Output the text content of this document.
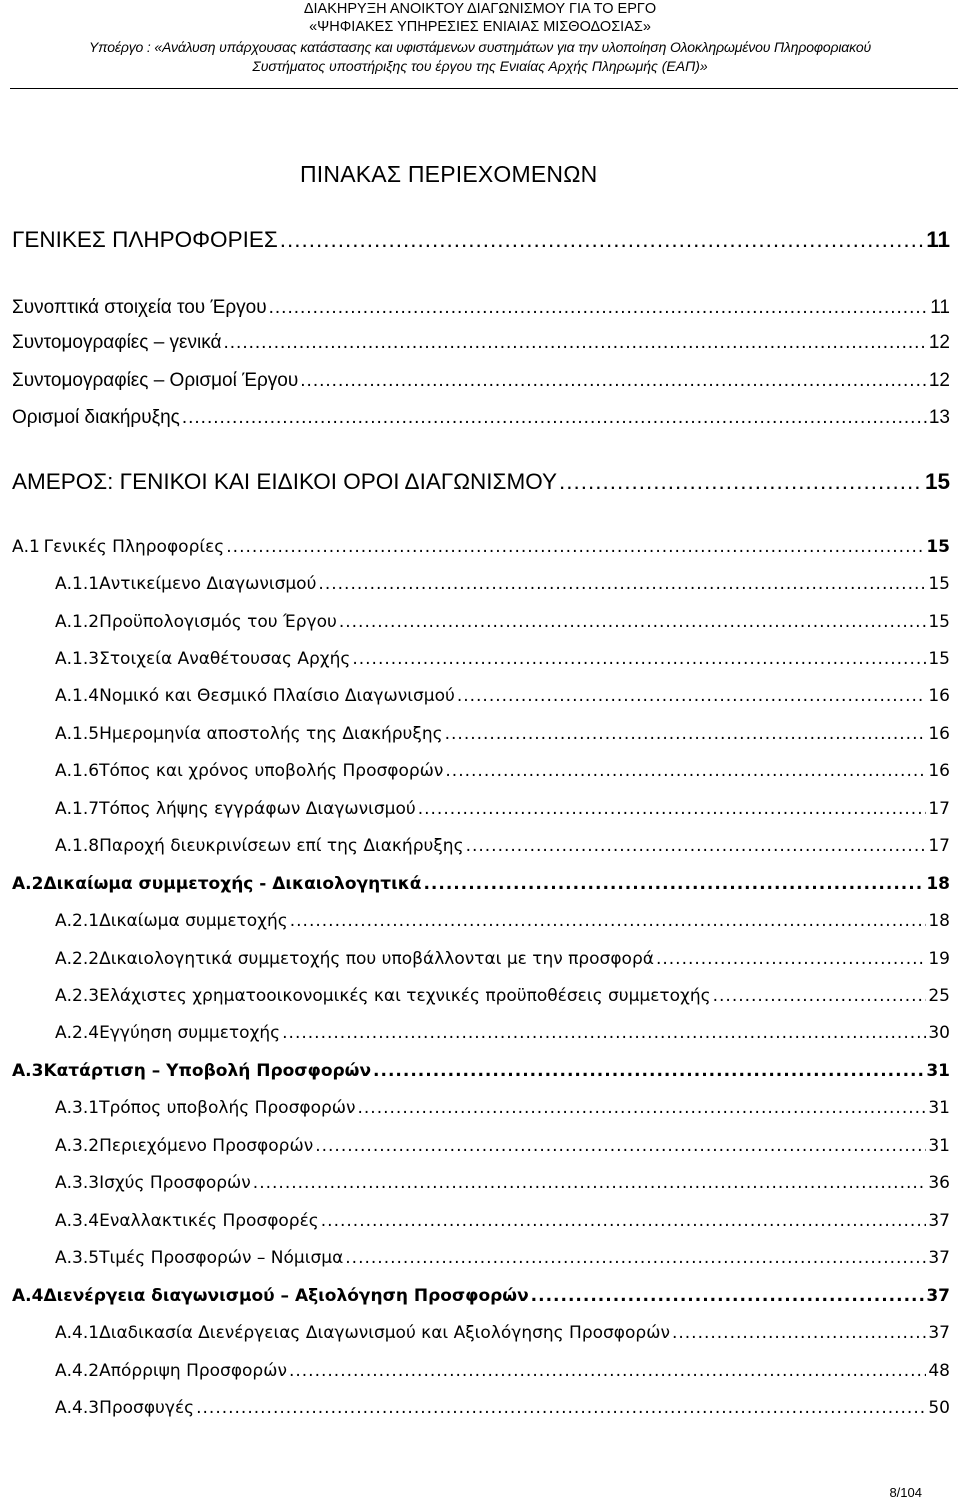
ΔΙΑΚΗΡΥΞΗ ΑΝΟΙΚΤΟΥ ΔΙΑΓΩΝΙΣΜΟΥ ΓΙΑ ΤΟ ΕΡΓΟ
«ΨΗΦΙΑΚΕΣ ΥΠΗΡΕΣΙΕΣ ΕΝΙΑΙΑΣ ΜΙΣΘΟΔΟΣΙΑΣ»
Υποέργο : «Ανάλυση υπάρχουσας κατάστασης και υφιστάμενων συστημάτων για την υλοποίηση Ολοκληρωμένου Πληροφοριακού
Συστήματος υποστήριξης του έργου της Ενιαίας Αρχής Πληρωμής (ΕΑΠ)»
ΠΙΝΑΚΑΣ ΠΕΡΙΕΧΟΜΕΝΩΝ
ΓΕΝΙΚΕΣ ΠΛΗΡΟΦΟΡΙΕΣ .....	11
Συνοπτικά στοιχεία του Έργου .....	11
Συντομογραφίες – γενικά .....	12
Συντομογραφίες – Ορισμοί Έργου .....	12
Ορισμοί διακήρυξης .....	13
Α ΜΕΡΟΣ: ΓΕΝΙΚΟΙ ΚΑΙ ΕΙΔΙΚΟΙ ΟΡΟΙ ΔΙΑΓΩΝΙΣΜΟΥ .....	15
Α.1 Γενικές Πληροφορίες .....	15
Α.1.1 Αντικείμενο Διαγωνισμού .....	15
Α.1.2 Προϋπολογισμός του Έργου .....	15
Α.1.3 Στοιχεία Αναθέτουσας Αρχής .....	15
Α.1.4 Νομικό και Θεσμικό Πλαίσιο Διαγωνισμού .....	16
Α.1.5 Ημερομηνία αποστολής της Διακήρυξης .....	16
Α.1.6 Τόπος και χρόνος υποβολής Προσφορών .....	16
Α.1.7 Τόπος λήψης εγγράφων Διαγωνισμού .....	17
Α.1.8 Παροχή διευκρινίσεων επί της Διακήρυξης .....	17
Α.2 Δικαίωμα συμμετοχής - Δικαιολογητικά .....	18
Α.2.1 Δικαίωμα συμμετοχής .....	18
Α.2.2 Δικαιολογητικά συμμετοχής που υποβάλλονται με την προσφορά .....	19
Α.2.3 Ελάχιστες χρηματοοικονομικές και τεχνικές προϋποθέσεις συμμετοχής .....	25
Α.2.4 Εγγύηση συμμετοχής .....	30
Α.3 Κατάρτιση – Υποβολή Προσφορών .....	31
Α.3.1 Τρόπος υποβολής Προσφορών .....	31
Α.3.2 Περιεχόμενο Προσφορών .....	31
Α.3.3 Ισχύς Προσφορών .....	36
Α.3.4 Εναλλακτικές Προσφορές .....	37
Α.3.5 Τιμές Προσφορών – Νόμισμα .....	37
Α.4 Διενέργεια διαγωνισμού – Αξιολόγηση Προσφορών .....	37
Α.4.1 Διαδικασία Διενέργειας Διαγωνισμού και Αξιολόγησης Προσφορών .....	37
Α.4.2 Απόρριψη Προσφορών .....	48
Α.4.3 Προσφυγές .....	50
8/104
